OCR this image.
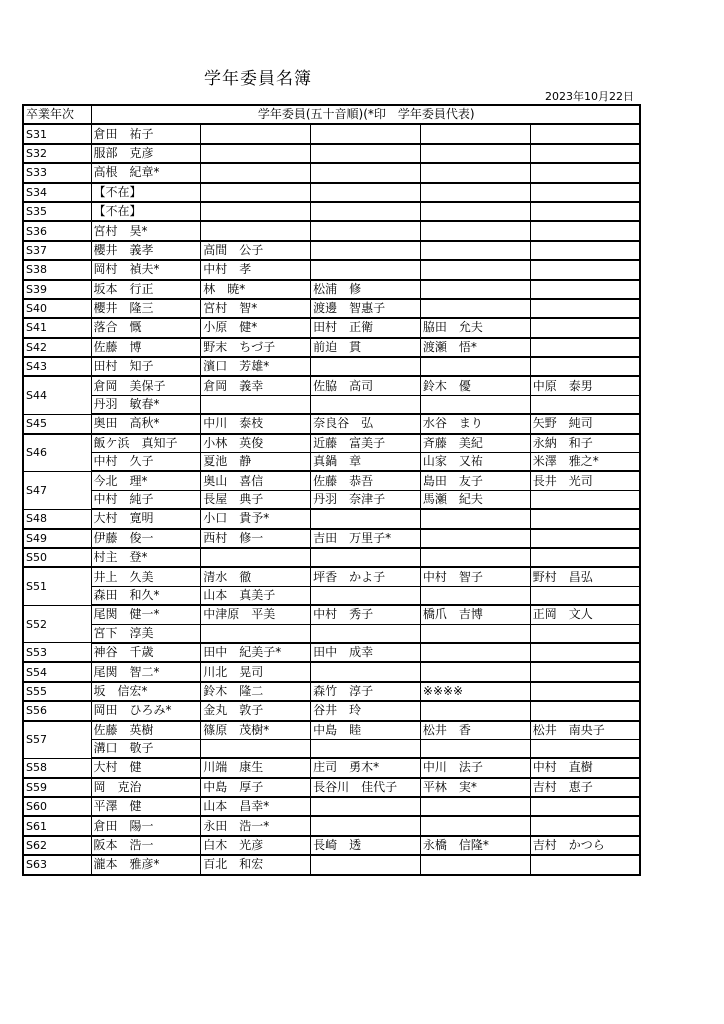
学年委員名簿
2023年10月22日
卒業年次	学年委員(五十音順)(*印　学年委員代表)				
S31	倉田　祐子				
S32	服部　克彦				
S33	高根　紀章*				
S34	【不在】				
S35	【不在】				
S36	宮村　昊*				
S37	櫻井　義孝	高間　公子			
S38	岡村　禎夫*	中村　孝			
S39	坂本　行正	林　暁*	松浦　修		
S40	櫻井　隆三	宮村　智*	渡邊　智惠子		
S41	落合　慨	小原　健*	田村　正衛	脇田　允夫	
S42	佐藤　博	野末　ちづ子	前迫　貫	渡瀬　悟*	
S43	田村　知子	濱口　芳雄*			
S44	倉岡　美保子	倉岡　義幸	佐脇　高司	鈴木　優	中原　泰男
	丹羽　敏春*				
S45	奥田　高秋*	中川　泰枝	奈良谷　弘	水谷　まり	矢野　純司
S46	飯ケ浜　真知子	小林　英俊	近藤　富美子	斉藤　美紀	永納　和子
	中村　久子	夏池　静	真鍋　章	山家　又祐	米澤　雅之*
S47	今北　理*	奥山　喜信	佐藤　恭吾	島田　友子	長井　光司
	中村　純子	長屋　典子	丹羽　奈津子	馬瀬　紀夫	
S48	大村　寛明	小口　貴予*			
S49	伊藤　俊一	西村　修一	吉田　万里子*		
S50	村主　登*				
S51	井上　久美	清水　徹	坪香　かよ子	中村　智子	野村　昌弘
	森田　和久*	山本　真美子			
S52	尾関　健一*	中津原　平美	中村　秀子	橋爪　吉博	正岡　文人
	宮下　淳美				
S53	神谷　千歳	田中　紀美子*	田中　成幸		
S54	尾関　智二*	川北　晃司			
S55	坂　信宏*	鈴木　隆二	森竹　淳子	※※※※	
S56	岡田　ひろみ*	金丸　敦子	谷井　玲		
S57	佐藤　英樹	篠原　茂樹*	中島　睦	松井　香	松井　南央子
	溝口　敬子				
S58	大村　健	川端　康生	庄司　勇木*	中川　法子	中村　直樹
S59	岡　克治	中島　厚子	長谷川　佳代子	平林　実*	吉村　恵子
S60	平澤　健	山本　昌幸*			
S61	倉田　陽一	永田　浩一*			
S62	阪本　浩一	白木　光彦	長崎　透	永橋　信隆*	吉村　かつら
S63	瀧本　雅彦*	百北　和宏			
